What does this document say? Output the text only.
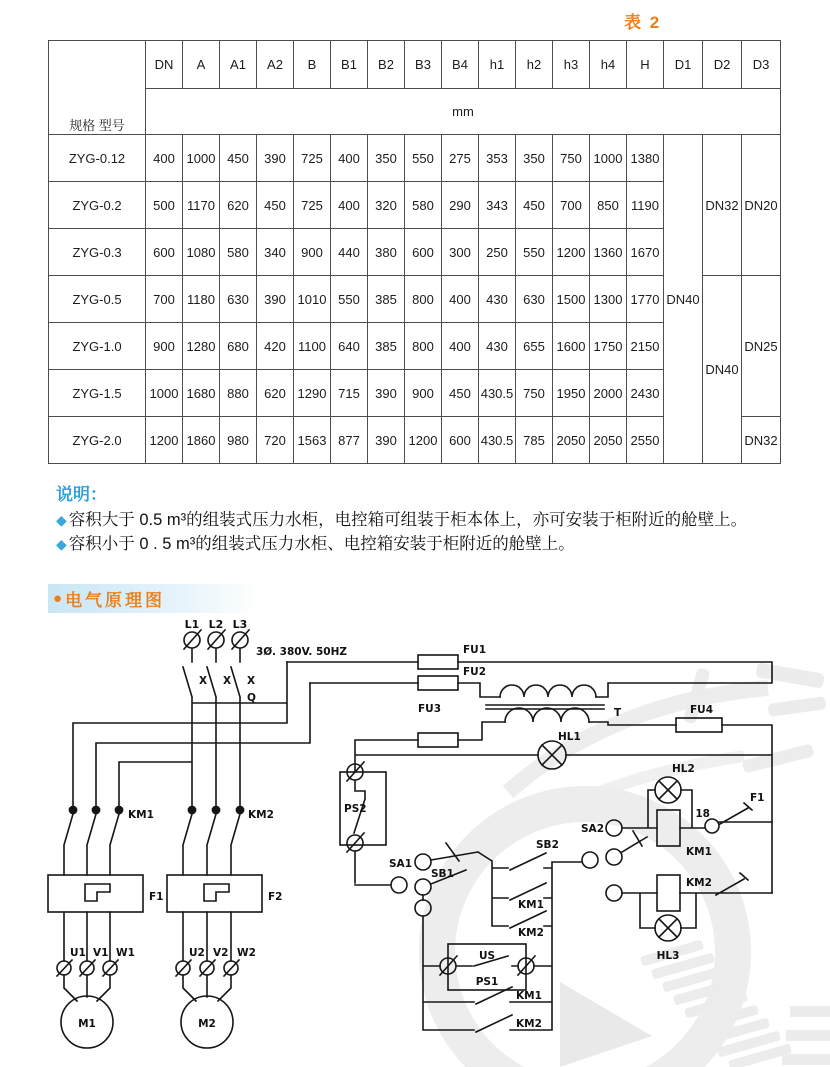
表 2
规格 型号	DN	A	A1	A2	B	B1	B2	B3	B4	h1	h2	h3	h4	H	D1	D2	D3
	mm																
ZYG-0.12	400	1000	450	390	725	400	350	550	275	353	350	750	1000	1380	DN40	DN32	DN20
ZYG-0.2	500	1170	620	450	725	400	320	580	290	343	450	700	850	1190			
ZYG-0.3	600	1080	580	340	900	440	380	600	300	250	550	1200	1360	1670			
ZYG-0.5	700	1180	630	390	1010	550	385	800	400	430	630	1500	1300	1770		DN40	DN25
ZYG-1.0	900	1280	680	420	1100	640	385	800	400	430	655	1600	1750	2150			
ZYG-1.5	1000	1680	880	620	1290	715	390	900	450	430.5	750	1950	2000	2430			
ZYG-2.0	1200	1860	980	720	1563	877	390	1200	600	430.5	785	2050	2050	2550			DN32
说明：
◆ 容积大于 0.5 m³的组装式压力水柜，电控箱可组装于柜本体上，亦可安装于柜附近的舱壁上。
◆ 容积小于 0 . 5 m³的组装式压力水柜、电控箱安装于柜附近的舱壁上。
● 电气原理图
L1 L2 L3
3Ø. 380V. 50HZ
X X X
Q
KM1	KM2
F1	F2
U1 V1 W1	U2 V2 W2
M1	M2
FU1
FU2
FU3	FU4
T
HL1
HL2
HL3
PS2
SA1
SB1
SB2
KM1
KM2
SA2
KM1
F1
18
KM2
US
PS1
KM1
KM2
